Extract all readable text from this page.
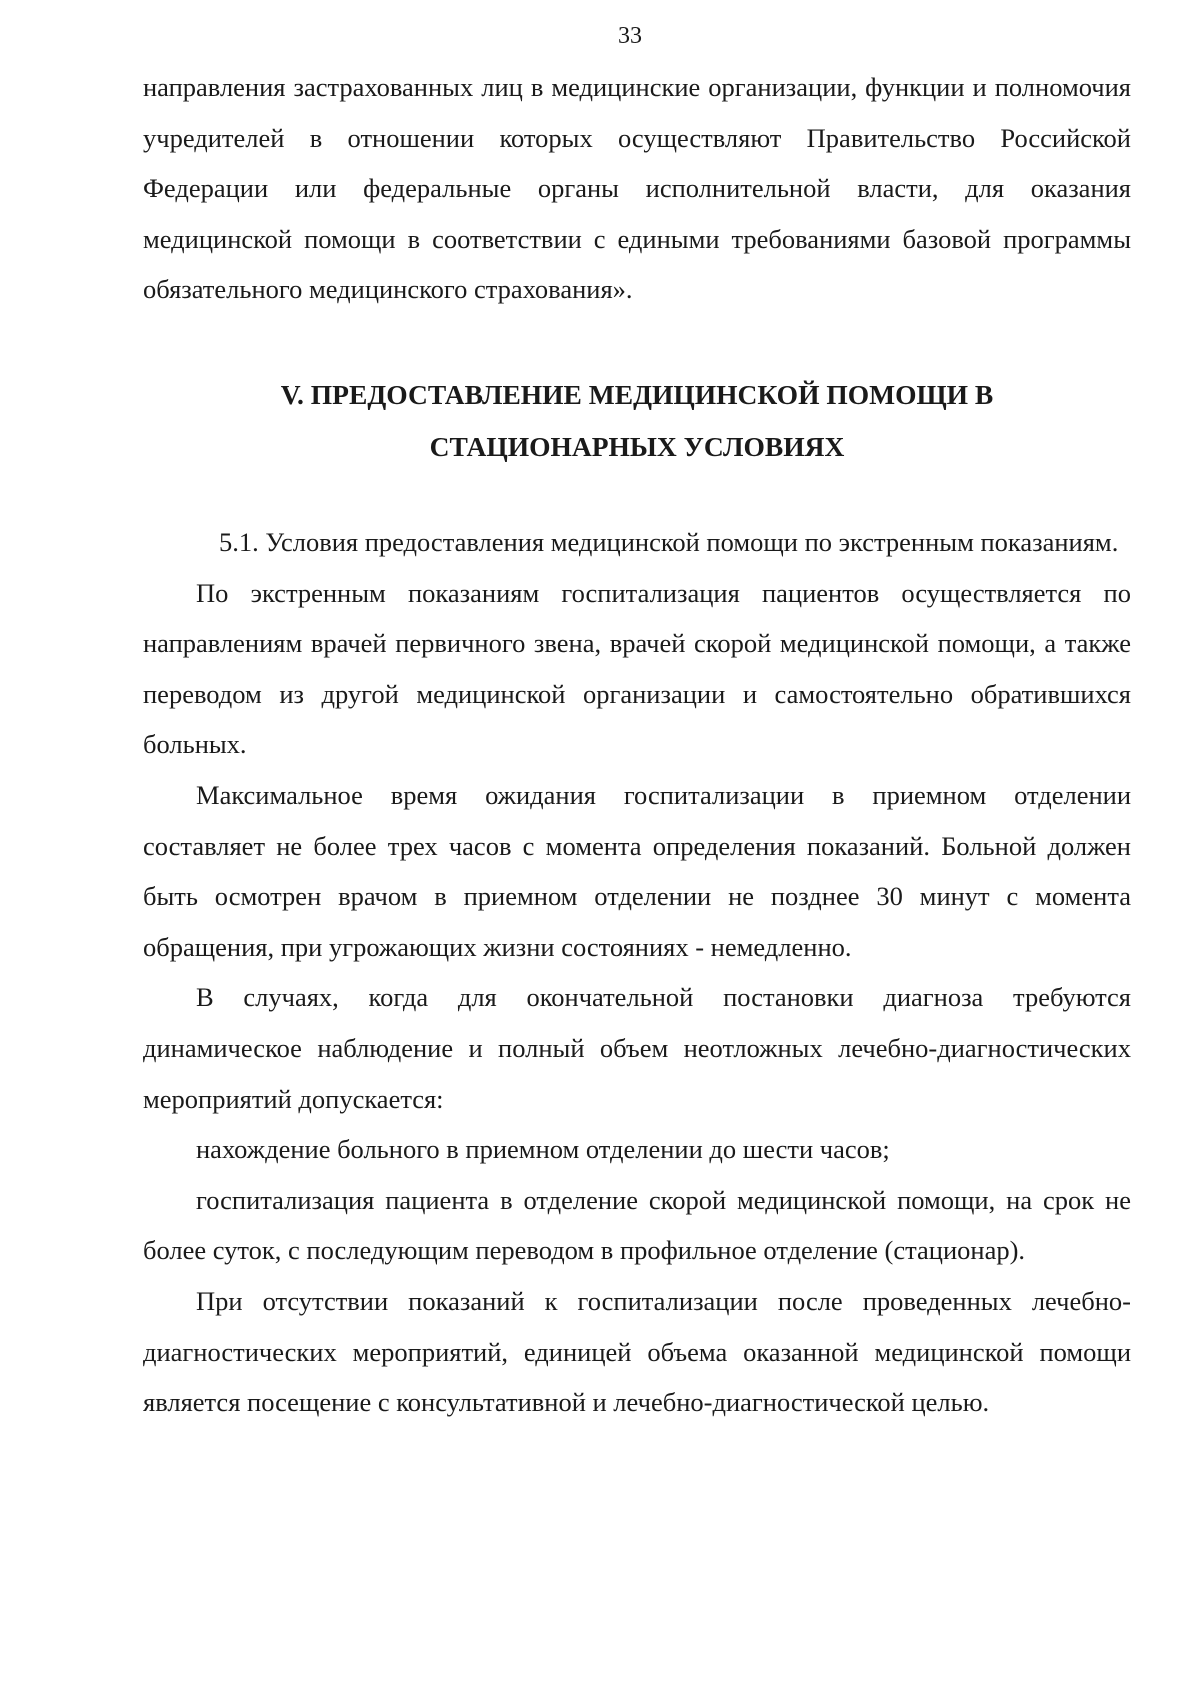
33

направления застрахованных лиц в медицинские организации, функции и полномочия учредителей в отношении которых осуществляют Правительство Российской Федерации или федеральные органы исполнительной власти, для оказания медицинской помощи в соответствии с едиными требованиями базовой программы обязательного медицинского страхования».

V. ПРЕДОСТАВЛЕНИЕ МЕДИЦИНСКОЙ ПОМОЩИ В
СТАЦИОНАРНЫХ УСЛОВИЯХ

5.1. Условия предоставления медицинской помощи по экстренным показаниям.

По экстренным показаниям госпитализация пациентов осуществляется по направлениям врачей первичного звена, врачей скорой медицинской помощи, а также переводом из другой медицинской организации и самостоятельно обратившихся больных.

Максимальное время ожидания госпитализации в приемном отделении составляет не более трех часов с момента определения показаний. Больной должен быть осмотрен врачом в приемном отделении не позднее 30 минут с момента обращения, при угрожающих жизни состояниях - немедленно.

В случаях, когда для окончательной постановки диагноза требуются динамическое наблюдение и полный объем неотложных лечебно-диагностических мероприятий допускается:

нахождение больного в приемном отделении до шести часов;

госпитализация пациента в отделение скорой медицинской помощи, на срок не более суток, с последующим переводом в профильное отделение (стационар).

При отсутствии показаний к госпитализации после проведенных лечебно-диагностических мероприятий, единицей объема оказанной медицинской помощи является посещение с консультативной и лечебно-диагностической целью.
